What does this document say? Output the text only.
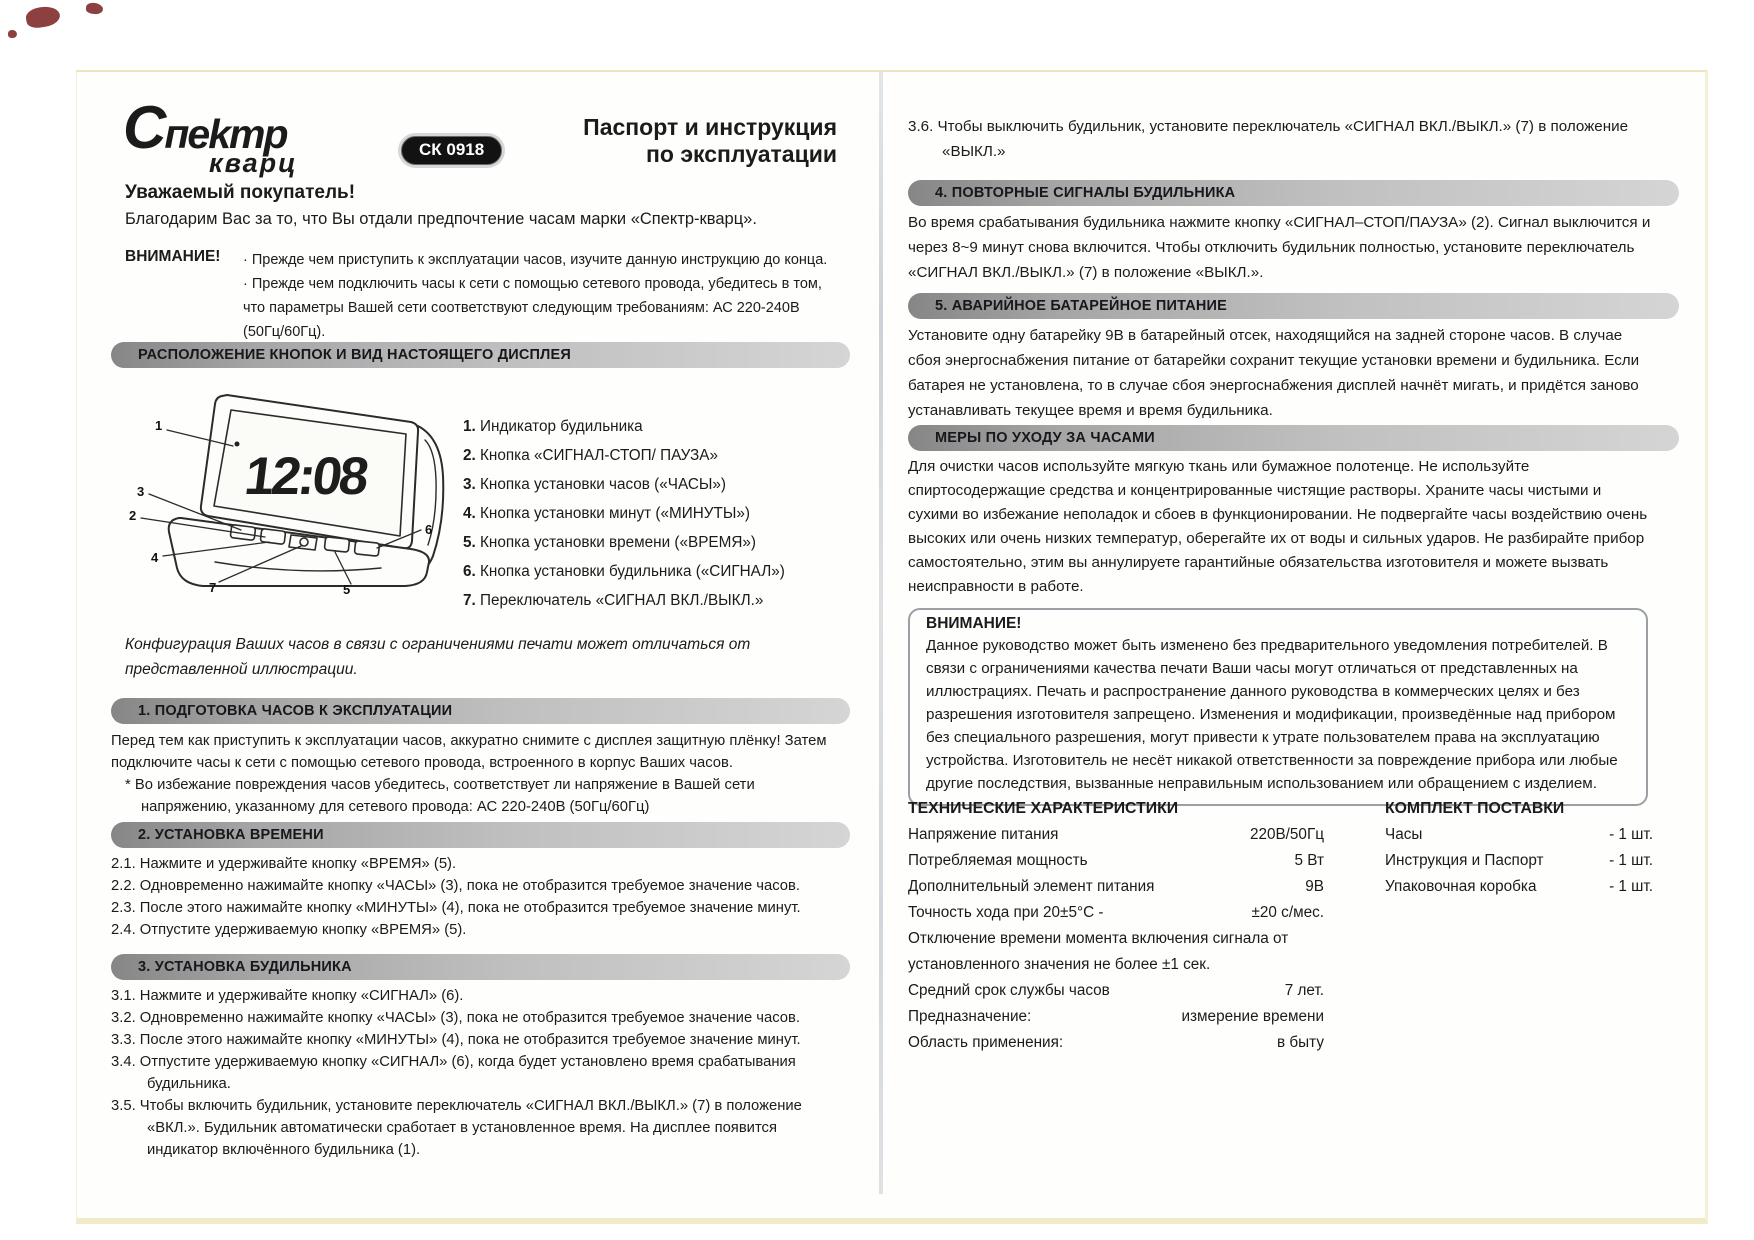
Спеkтр
кварц	СК 0918
Паспорт и инструкция
по эксплуатации
Уважаемый покупатель!
Благодарим Вас за то, что Вы отдали предпочтение часам марки «Спектр-кварц».
ВНИМАНИЕ!	· Прежде чем приступить к эксплуатации часов, изучите данную инструкцию до конца.

· Прежде чем подключить часы к сети с помощью сетевого провода, убедитесь в том, что параметры Вашей сети соответствуют следующим требованиям: АС 220-240В (50Гц/60Гц).

РАСПОЛОЖЕНИЕ КНОПОК И ВИД НАСТОЯЩЕГО ДИСПЛЕЯ
12:08
1
3
2
4
7	5
6
1. Индикатор будильника
2. Кнопка «СИГНАЛ-СТОП/ ПАУЗА»
3. Кнопка установки часов («ЧАСЫ»)
4. Кнопка установки минут («МИНУТЫ»)
5. Кнопка установки времени («ВРЕМЯ»)
6. Кнопка установки будильника («СИГНАЛ»)
7. Переключатель «СИГНАЛ ВКЛ./ВЫКЛ.»
Конфигурация Ваших часов в связи с ограничениями печати может отличаться от представленной иллюстрации.
1. ПОДГОТОВКА ЧАСОВ К ЭКСПЛУАТАЦИИ

Перед тем как приступить к эксплуатации часов, аккуратно снимите с дисплея защитную плёнку! Затем подключите часы к сети с помощью сетевого провода, встроенного в корпус Ваших часов.

* Во избежание повреждения часов убедитесь, соответствует ли напряжение в Вашей сети

напряжению, указанному для сетевого провода: АС 220-240В (50Гц/60Гц)

2. УСТАНОВКА ВРЕМЕНИ

2.1. Нажмите и удерживайте кнопку «ВРЕМЯ» (5).

2.2. Одновременно нажимайте кнопку «ЧАСЫ» (3), пока не отобразится требуемое значение часов.

2.3. После этого нажимайте кнопку «МИНУТЫ» (4), пока не отобразится требуемое значение минут.

2.4. Отпустите удерживаемую кнопку «ВРЕМЯ» (5).

3. УСТАНОВКА БУДИЛЬНИКА

3.1. Нажмите и удерживайте кнопку «СИГНАЛ» (6).

3.2. Одновременно нажимайте кнопку «ЧАСЫ» (3), пока не отобразится требуемое значение часов.

3.3. После этого нажимайте кнопку «МИНУТЫ» (4), пока не отобразится требуемое значение минут.

3.4. Отпустите удерживаемую кнопку «СИГНАЛ» (6), когда будет установлено время срабатывания будильника.

3.5. Чтобы включить будильник, установите переключатель «СИГНАЛ ВКЛ./ВЫКЛ.» (7) в положение «ВКЛ.». Будильник автоматически сработает в установленное время. На дисплее появится индикатор включённого будильника (1).

3.6. Чтобы выключить будильник, установите переключатель «СИГНАЛ ВКЛ./ВЫКЛ.» (7) в положение «ВЫКЛ.»

4. ПОВТОРНЫЕ СИГНАЛЫ БУДИЛЬНИКА

Во время срабатывания будильника нажмите кнопку «СИГНАЛ–СТОП/ПАУЗА» (2). Сигнал выключится и через 8~9 минут снова включится. Чтобы отключить будильник полностью, установите переключатель «СИГНАЛ ВКЛ./ВЫКЛ.» (7) в положение «ВЫКЛ.».

5. АВАРИЙНОЕ БАТАРЕЙНОЕ ПИТАНИЕ

Установите одну батарейку 9В в батарейный отсек, находящийся на задней стороне часов. В случае сбоя энергоснабжения питание от батарейки сохранит текущие установки времени и будильника. Если батарея не установлена, то в случае сбоя энергоснабжения дисплей начнёт мигать, и придётся заново устанавливать текущее время и время будильника.

МЕРЫ ПО УХОДУ ЗА ЧАСАМИ

Для очистки часов используйте мягкую ткань или бумажное полотенце. Не используйте спиртосодержащие средства и концентрированные чистящие растворы. Храните часы чистыми и сухими во избежание неполадок и сбоев в функционировании. Не подвергайте часы воздействию очень высоких или очень низких температур, оберегайте их от воды и сильных ударов. Не разбирайте прибор самостоятельно, этим вы аннулируете гарантийные обязательства изготовителя и можете вызвать неисправности в работе.

ВНИМАНИЕ!

Данное руководство может быть изменено без предварительного уведомления потребителей. В связи с ограничениями качества печати Ваши часы могут отличаться от представленных на иллюстрациях. Печать и распространение данного руководства в коммерческих целях и без разрешения изготовителя запрещено. Изменения и модификации, произведённые над прибором без специального разрешения, могут привести к утрате пользователем права на эксплуатацию устройства. Изготовитель не несёт никакой ответственности за повреждение прибора или любые другие последствия, вызванные неправильным использованием или обращением с изделием.

ТЕХНИЧЕСКИЕ ХАРАКТЕРИСТИКИ
Напряжение питания	220В/50Гц
Потребляемая мощность	5 Вт
Дополнительный элемент питания	9В
Точность хода при 20±5°С -	±20 с/мес.
Отключение времени момента включения сигнала от установленного значения не более ±1 сек.
Средний срок службы часов	7 лет.
Предназначение:	измерение времени
Область применения:	в быту
КОМПЛЕКТ ПОСТАВКИ
Часы	- 1 шт.
Инструкция и Паспорт	- 1 шт.
Упаковочная коробка	- 1 шт.
